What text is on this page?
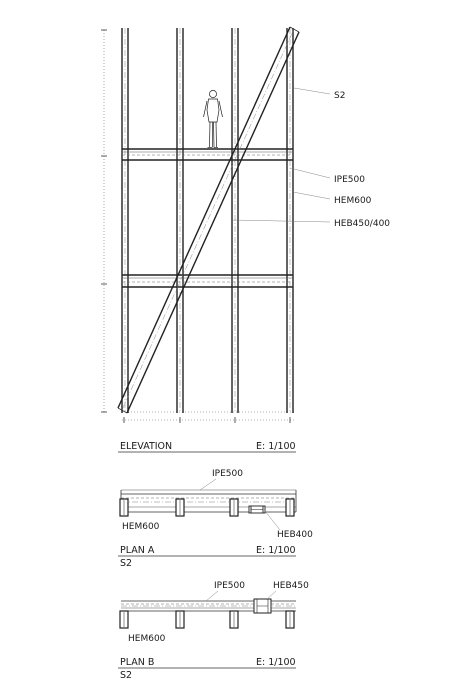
S2
IPE500
HEM600
HEB450/400
ELEVATION	E: 1/100
IPE500
HEM600
HEB400
PLAN A	E: 1/100
S2
IPE500	HEB450
HEM600
PLAN B	E: 1/100
S2
